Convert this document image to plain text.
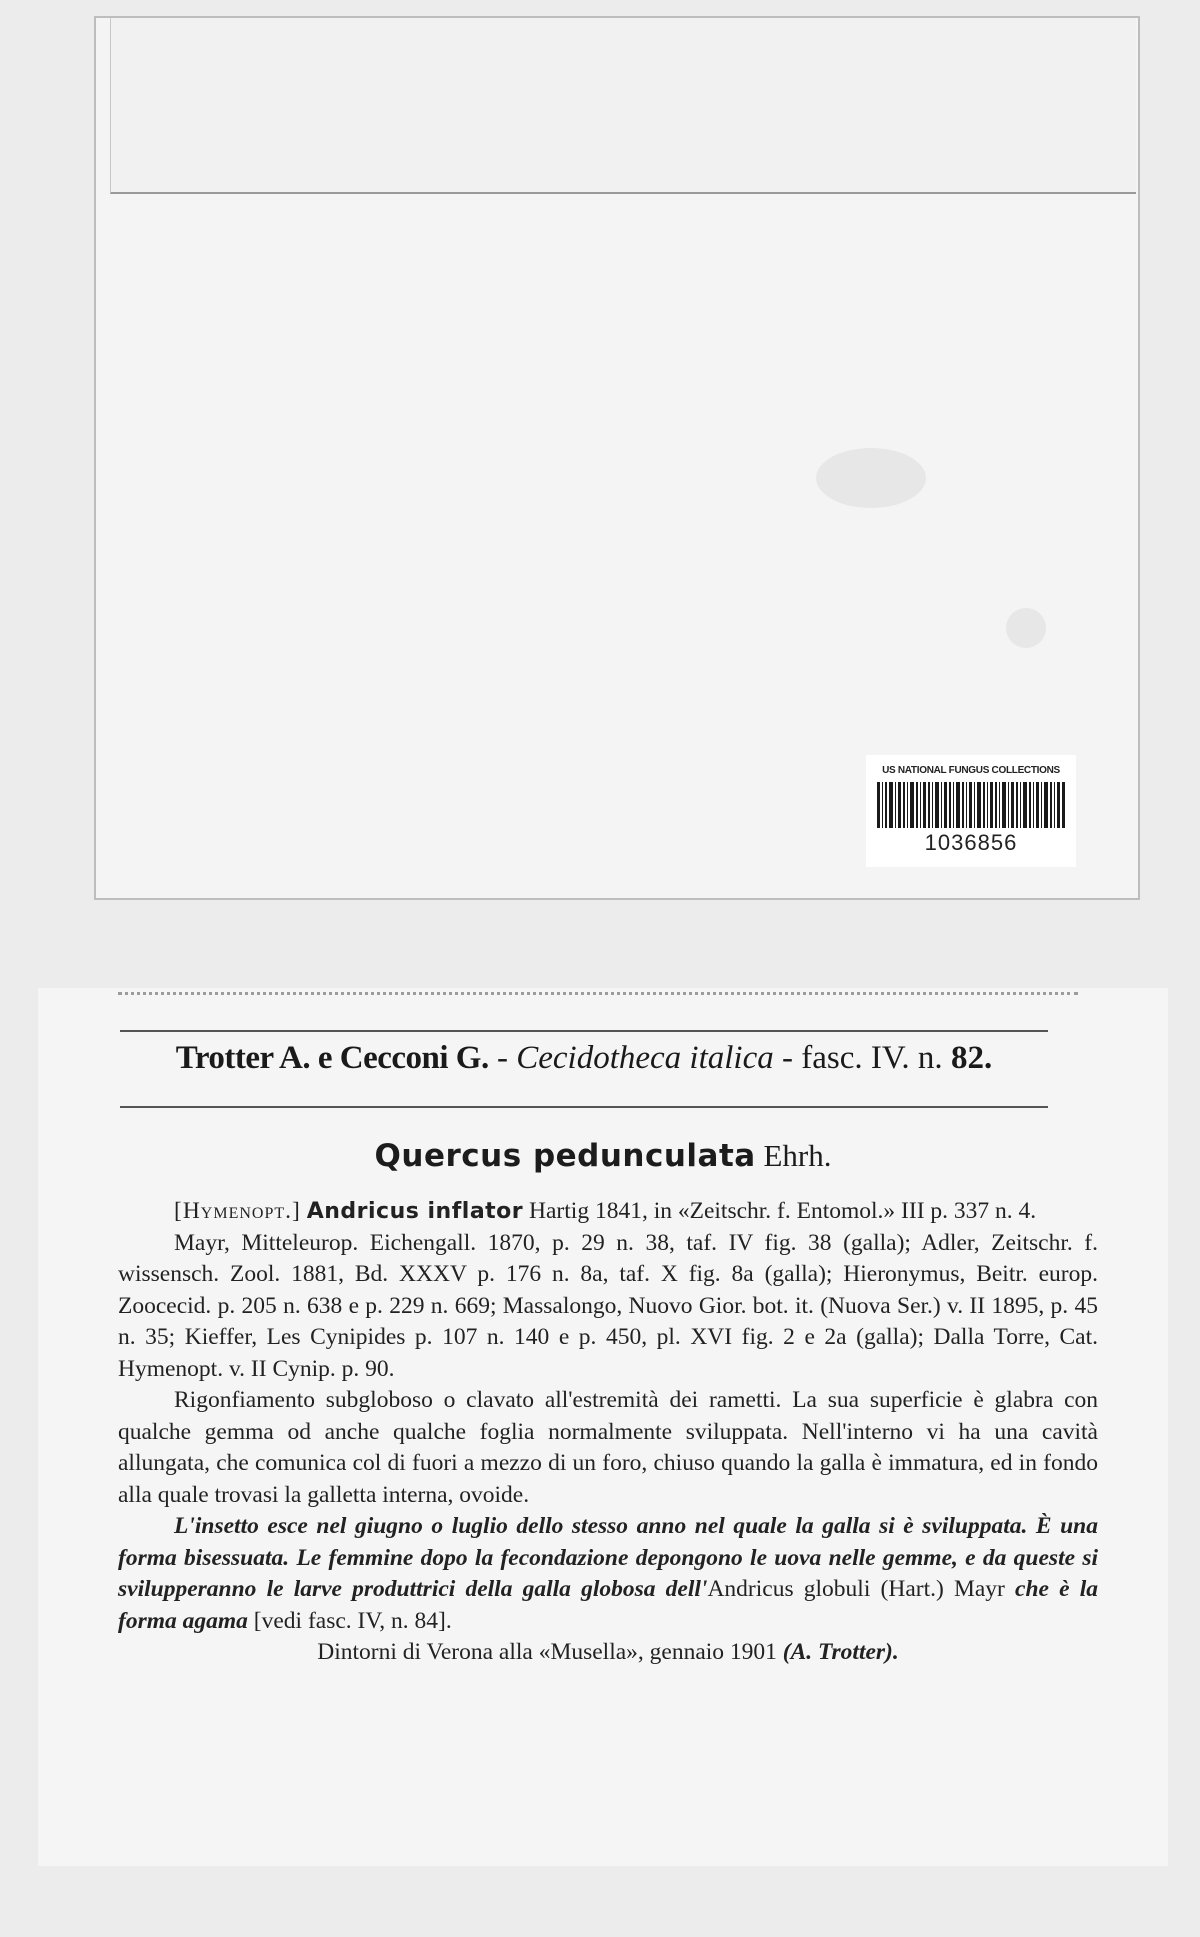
US NATIONAL FUNGUS COLLECTIONS
1036856
Trotter A. e Cecconi G. - Cecidotheca italica - fasc. IV. n. 82.
Quercus pedunculata Ehrh.

[Hymenopt.] Andricus inflator Hartig 1841, in «Zeitschr. f. Entomol.» III p. 337 n. 4.

Mayr, Mitteleurop. Eichengall. 1870, p. 29 n. 38, taf. IV fig. 38 (galla); Adler, Zeitschr. f. wissensch. Zool. 1881, Bd. XXXV p. 176 n. 8a, taf. X fig. 8a (galla); Hieronymus, Beitr. europ. Zoocecid. p. 205 n. 638 e p. 229 n. 669; Massalongo, Nuovo Gior. bot. it. (Nuova Ser.) v. II 1895, p. 45 n. 35; Kieffer, Les Cynipides p. 107 n. 140 e p. 450, pl. XVI fig. 2 e 2a (galla); Dalla Torre, Cat. Hymenopt. v. II Cynip. p. 90.

Rigonfiamento subgloboso o clavato all'estremità dei rametti. La sua superficie è glabra con qualche gemma od anche qualche foglia normalmente sviluppata. Nell'interno vi ha una cavità allungata, che comunica col di fuori a mezzo di un foro, chiuso quando la galla è immatura, ed in fondo alla quale trovasi la galletta interna, ovoide.

L'insetto esce nel giugno o luglio dello stesso anno nel quale la galla si è sviluppata. È una forma bisessuata. Le femmine dopo la fecondazione depongono le uova nelle gemme, e da queste si svilupperanno le larve produttrici della galla globosa dell'Andricus globuli (Hart.) Mayr che è la forma agama [vedi fasc. IV, n. 84].

Dintorni di Verona alla «Musella», gennaio 1901 (A. Trotter).
